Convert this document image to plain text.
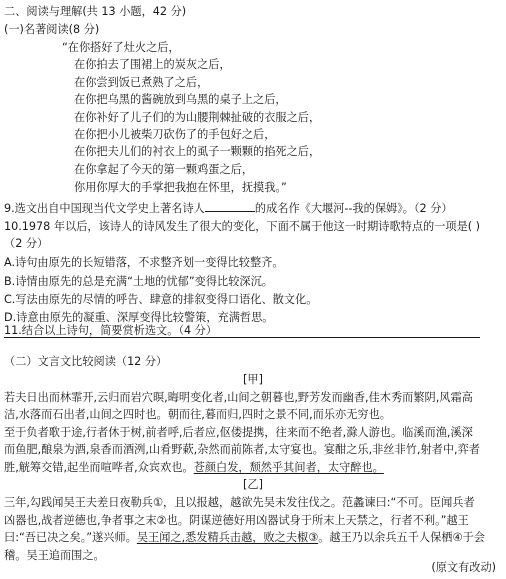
二、阅读与理解(共 13 小题，42 分)
(一)名著阅读(8 分)
“在你搭好了灶火之后，
在你拍去了围裙上的炭灰之后，
在你尝到饭已煮熟了之后，
在你把乌黑的酱碗放到乌黑的桌子上之后，
在你补好了儿子们的为山腰荆棘扯破的衣服之后，
在你把小儿被柴刀砍伤了的手包好之后，
在你把夫儿们的衬衣上的虱子一颗颗的掐死之后，
在你拿起了今天的第一颗鸡蛋之后，
你用你厚大的手掌把我抱在怀里，抚摸我。”
9.选文出自中国现当代文学史上著名诗人	的成名作《大堰河--我的保姆》。（2 分）
10.1978 年以后，该诗人的诗风发生了很大的变化，下面不属于他这一时期诗歌特点的一项是( )
（2 分）
A.诗句由原先的长短错落，不求整齐划一变得比较整齐。
B.诗情由原先的总是充满“土地的忧郁”变得比较深沉。
C.写法由原先的尽情的呼告、肆意的排叙变得口语化、散文化。
D.诗意由原先的凝重、深厚变得比较警策，充满哲思。
11.结合以上诗句，简要赏析选文。（4 分）
（二）文言文比较阅读（12 分）
[甲]
若夫日出而林霏开,云归而岩穴暝,晦明变化者,山间之朝暮也,野芳发而幽香,佳木秀而繁阴,风霜高
洁,水落而石出者,山间之四时也。朝而往,暮而归,四时之景不同,而乐亦无穷也。
至于负者歌于途,行者休于树,前者呼,后者应,伛偻提携，往来而不绝者,滁人游也。临溪而渔,溪深
而鱼肥,酿泉为酒,泉香而酒洌,山肴野蔌,杂然而前陈者,太守宴也。宴酣之乐,非丝非竹,射者中,弈者
胜,觥筹交错,起坐而喧哗者,众宾欢也。苍颜白发，颓然乎其间者，太守醉也。
[乙]
三年,勾践闻吴王夫差日夜勒兵①，且以报越，越欲先吴未发往伐之。范蠡谏曰:“不可。臣闻兵者
凶器也,战者逆德也,争者事之末②也。阴谋逆德好用凶器试身于所末上天禁之，行者不利。”越王
曰:“吾已决之矣。”遂兴师。吴王闻之,悉发精兵击越，败之夫椒③。越王乃以余兵五千人保栖④于会
稽。吴王追而围之。
(原文有改动)
